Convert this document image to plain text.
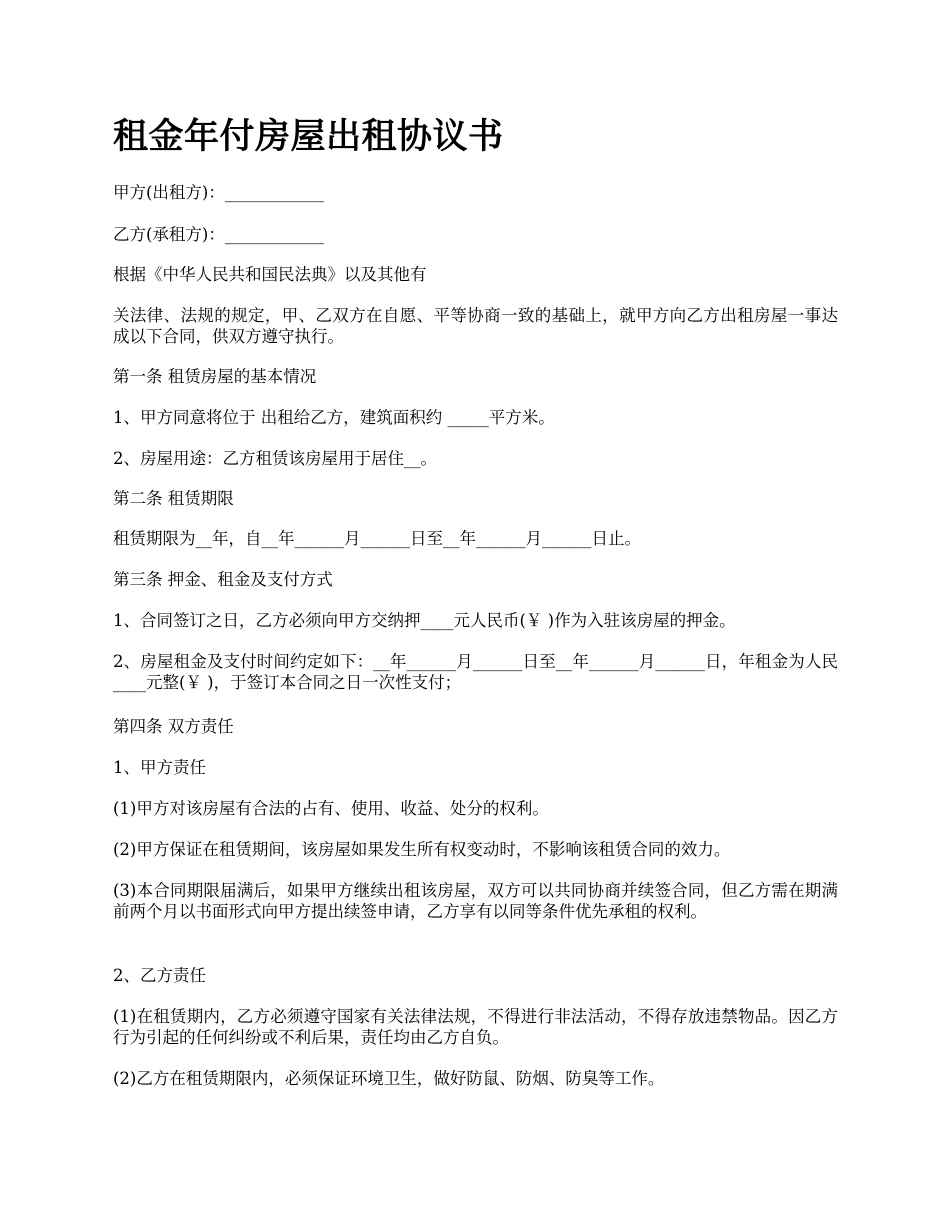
租金年付房屋出租协议书

甲方(出租方)：____________

乙方(承租方)：____________

根据《中华人民共和国民法典》以及其他有

关法律、法规的规定，甲、乙双方在自愿、平等协商一致的基础上，就甲方向乙方出租房屋一事达成以下合同，供双方遵守执行。

第一条 租赁房屋的基本情况

1、甲方同意将位于 出租给乙方，建筑面积约 _____平方米。

2、房屋用途：乙方租赁该房屋用于居住__。

第二条 租赁期限

租赁期限为__年，自__年______月______日至__年______月______日止。

第三条 押金、租金及支付方式

1、合同签订之日，乙方必须向甲方交纳押____元人民币(￥ )作为入驻该房屋的押金。

2、房屋租金及支付时间约定如下：__年______月______日至__年______月______日，年租金为人民____元整(￥ )，于签订本合同之日一次性支付；

第四条 双方责任

1、甲方责任

(1)甲方对该房屋有合法的占有、使用、收益、处分的权利。

(2)甲方保证在租赁期间，该房屋如果发生所有权变动时，不影响该租赁合同的效力。

(3)本合同期限届满后，如果甲方继续出租该房屋，双方可以共同协商并续签合同，但乙方需在期满前两个月以书面形式向甲方提出续签申请，乙方享有以同等条件优先承租的权利。

2、乙方责任

(1)在租赁期内，乙方必须遵守国家有关法律法规，不得进行非法活动，不得存放违禁物品。因乙方行为引起的任何纠纷或不利后果，责任均由乙方自负。

(2)乙方在租赁期限内，必须保证环境卫生，做好防鼠、防烟、防臭等工作。
